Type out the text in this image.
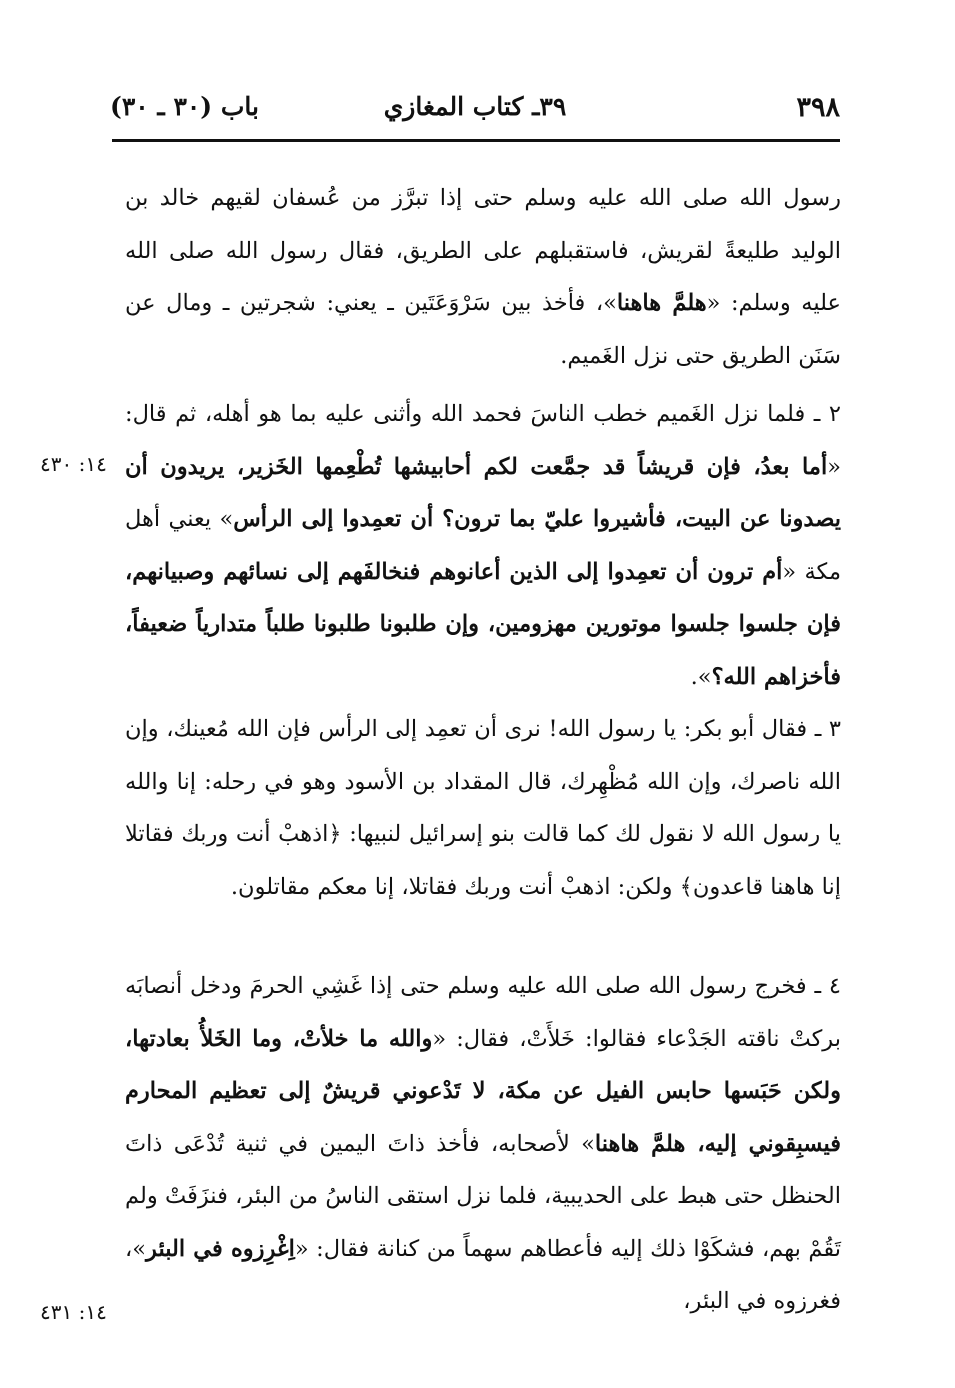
٣٩٨
٣٩ـ كتاب المغازي
باب (٣٠ ـ ٣٠)
رسول الله صلى الله عليه وسلم حتى إذا تبرَّز من عُسفان لقيهم خالد بن الوليد طليعةً لقريش، فاستقبلهم على الطريق، فقال رسول الله صلى الله عليه وسلم: «هلمَّ هاهنا»، فأخذ بين سَرْوَعَتَين ـ يعني: شجرتين ـ ومال عن سَنَن الطريق حتى نزل الغَميم.
٢ ـ فلما نزل الغَميم خطب الناسَ فحمد الله وأثنى عليه بما هو أهله، ثم قال: «أما بعدُ، فإن قريشاً قد جمَّعت لكم أحابيشها تُطْعِمها الخَزير، يريدون أن يصدونا عن البيت، فأشيروا عليّ بما ترون؟ أن تعمِدوا إلى الرأس» يعني أهل مكة «أم ترون أن تعمِدوا إلى الذين أعانوهم فنخالفَهم إلى نسائهم وصبيانهم، فإن جلسوا جلسوا موتورين مهزومين، وإن طلبونا طلبونا طلباً متدارياً ضعيفاً، فأخزاهم الله؟».
٣ ـ فقال أبو بكر: يا رسول الله! نرى أن تعمِد إلى الرأس فإن الله مُعينك، وإن الله ناصرك، وإن الله مُظْهِرك، قال المقداد بن الأسود وهو في رحله: إنا والله يا رسول الله لا نقول لك كما قالت بنو إسرائيل لنبيها: ﴿اذهبْ أنت وربك فقاتلا إنا هاهنا قاعدون﴾ ولكن: اذهبْ أنت وربك فقاتلا، إنا معكم مقاتلون.
٤ ـ فخرج رسول الله صلى الله عليه وسلم حتى إذا غَشِي الحرمَ ودخل أنصابَه بركتْ ناقته الجَدْعاء فقالوا: خَلأَتْ، فقال: «والله ما خلأتْ، وما الخَلأُ بعادتها، ولكن حَبَسها حابس الفيل عن مكة، لا تَدْعوني قريشٌ إلى تعظيم المحارم فيسبِقوني إليه، هلمَّ هاهنا» لأصحابه، فأخذ ذاتَ اليمين في ثنية تُدْعَى ذاتَ الحنظل حتى هبط على الحديبية، فلما نزل استقى الناسُ من البئر، فنزَفَتْ ولم تَقُمْ بهم، فشكَوْا ذلك إليه فأعطاهم سهماً من كنانة فقال: «اِغْرِزوه في البئر»، فغرزوه في البئر،
١٤: ٤٣٠
١٤: ٤٣١
